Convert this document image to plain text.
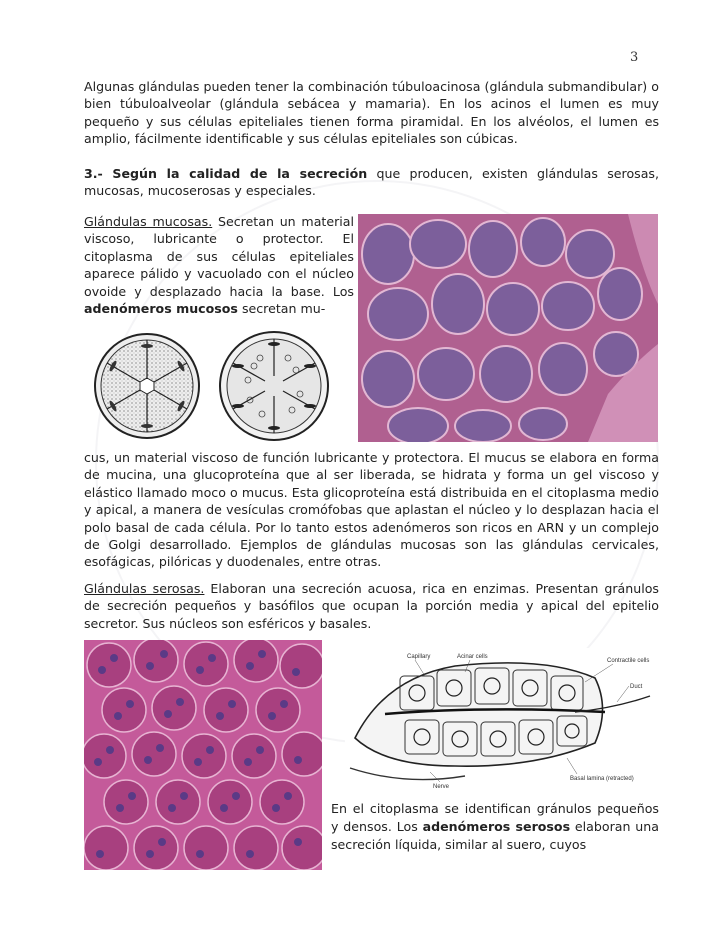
3

Algunas glándulas pueden tener la combinación túbuloacinosa (glándula submandibular) o bien túbuloalveolar (glándula sebácea y mamaria). En los acinos el lumen es muy pequeño y sus células epiteliales tienen forma piramidal. En los alvéolos, el lumen es amplio, fácilmente identificable y sus células epiteliales son cúbicas.

3.- Según la calidad de la secreción que producen, existen glándulas serosas, mucosas, mucoserosas y especiales.

Glándulas mucosas. Secretan un material viscoso, lubricante o protector. El citoplasma de sus células epiteliales aparece pálido y vacuolado con el núcleo ovoide y desplazado hacia la base. Los adenómeros mucosos secretan mu-

cus, un material viscoso de función lubricante y protectora. El mucus se elabora en forma de mucina, una glucoproteína que al ser liberada, se hidrata y forma un gel viscoso y elástico llamado moco o mucus. Esta glicoproteína está distribuida en el citoplasma medio y apical, a manera de vesículas cromófobas que aplastan el núcleo y lo desplazan hacia el polo basal de cada célula. Por lo tanto estos adenómeros son ricos en ARN y un complejo de Golgi desarrollado. Ejemplos de glándulas mucosas son las glándulas cervicales, esofágicas, pilóricas y duodenales, entre otras.

Glándulas serosas. Elaboran una secreción acuosa, rica en enzimas. Presentan gránulos de secreción pequeños y basófilos que ocupan la porción media y apical del epitelio secretor. Sus núcleos son esféricos y basales.

Capillary	Acinar cells
Contractile cells
Duct
Basal lamina (retracted)
Nerve

En el citoplasma se identifican gránulos pequeños y densos. Los adenómeros serosos elaboran una secreción líquida, similar al suero, cuyos
